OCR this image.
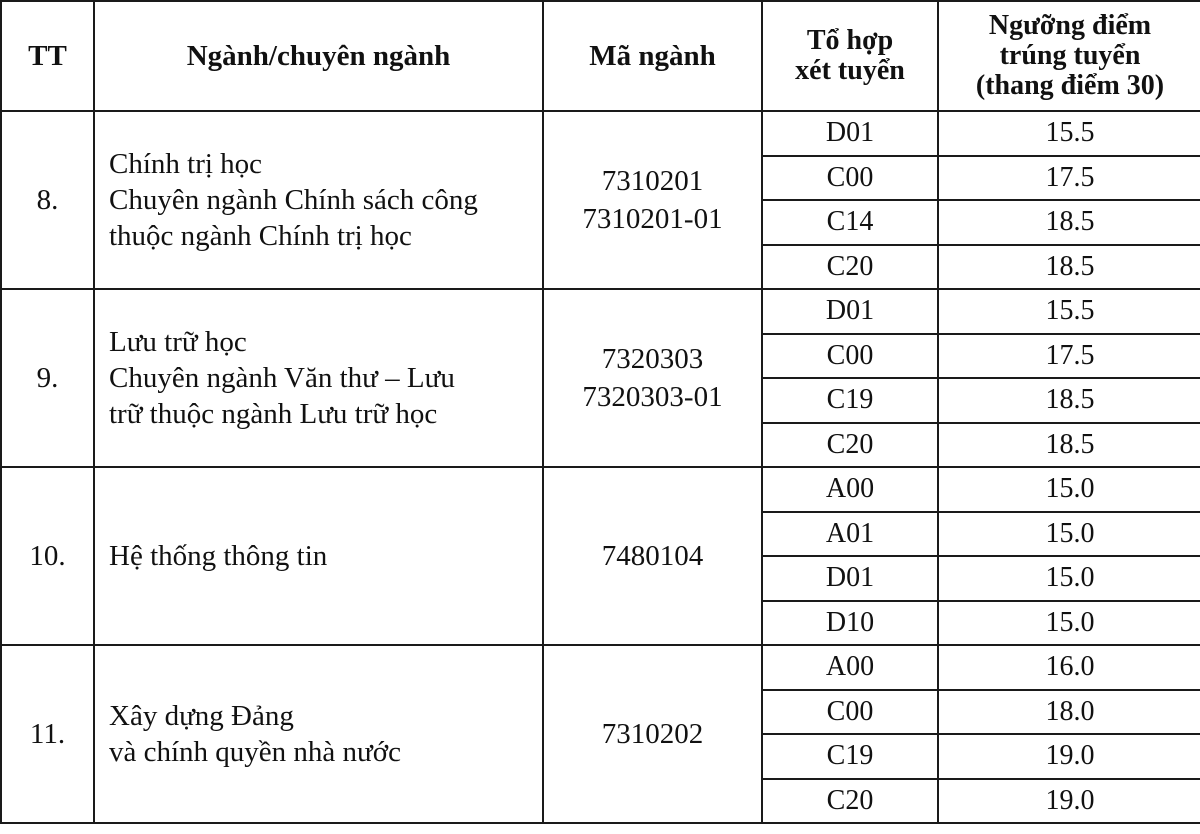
TT	Ngành/chuyên ngành	Mã ngành	Tổ hợp
xét tuyển	Ngưỡng điểm
trúng tuyển
(thang điểm 30)

8.	Chính trị học
Chuyên ngành Chính sách công
thuộc ngành Chính trị học	7310201
7310201-01	D01	15.5
			C00	17.5
			C14	18.5
			C20	18.5
9.	Lưu trữ học
Chuyên ngành Văn thư – Lưu
trữ thuộc ngành Lưu trữ học	7320303
7320303-01	D01	15.5
			C00	17.5
			C19	18.5
			C20	18.5
10.	Hệ thống thông tin	7480104	A00	15.0
			A01	15.0
			D01	15.0
			D10	15.0
11.	Xây dựng Đảng
và chính quyền nhà nước	7310202	A00	16.0
			C00	18.0
			C19	19.0
			C20	19.0
